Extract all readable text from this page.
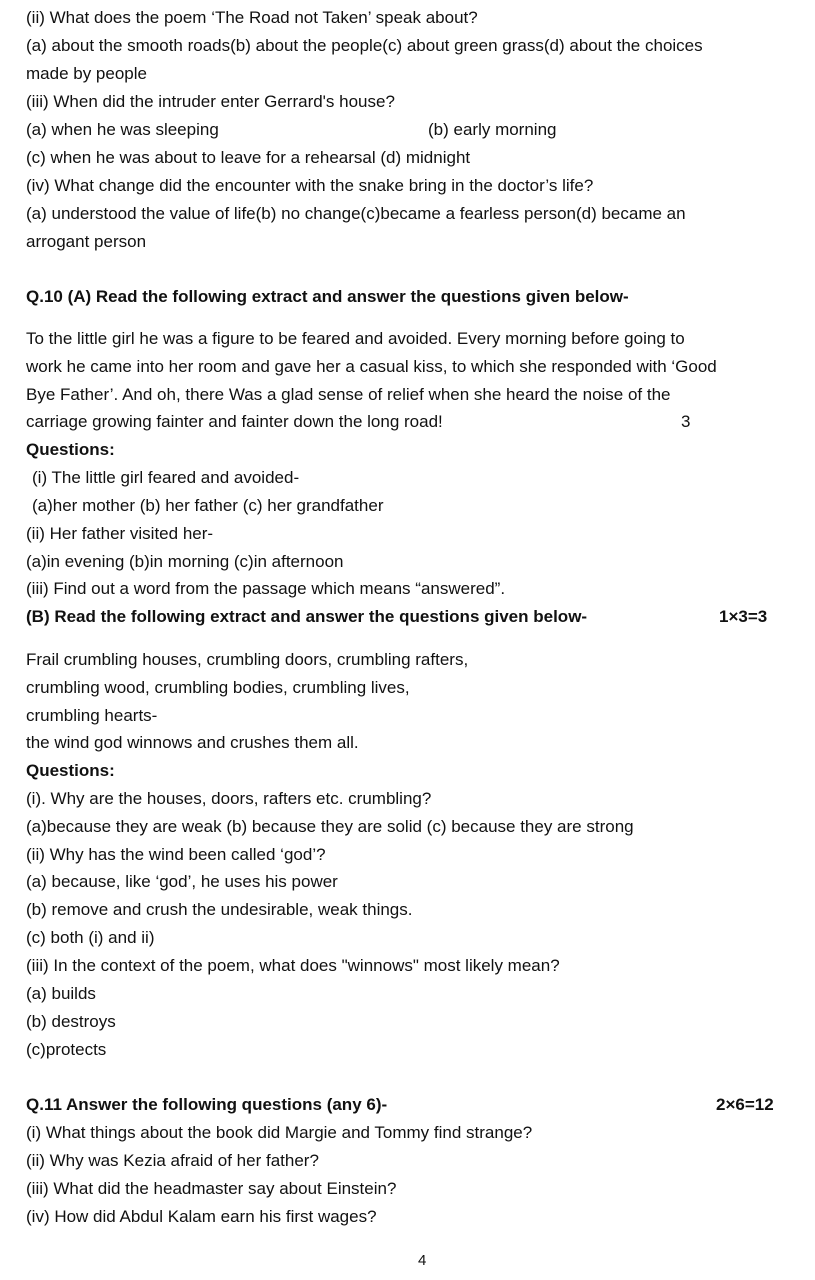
(ii) What does the poem ‘The Road not Taken’ speak about?
(a) about the smooth roads(b) about the people(c) about green grass(d) about the choices
made by people
(iii) When did the intruder enter Gerrard's house?
(a) when he was sleeping	(b) early morning
(c) when he was about to leave for a rehearsal (d) midnight
(iv) What change did the encounter with the snake bring in the doctor’s life?
(a) understood the value of life(b) no change(c)became a fearless person(d) became an
arrogant person
Q.10 (A) Read the following extract and answer the questions given below-
To the little girl he was a figure to be feared and avoided. Every morning before going to
work he came into her room and gave her a casual kiss, to which she responded with ‘Good
Bye Father’. And oh, there Was a glad sense of relief when she heard the noise of the
carriage growing fainter and fainter down the long road!	3
Questions:
(i) The little girl feared and avoided-
(a)her mother (b) her father (c) her grandfather
(ii) Her father visited her-
(a)in evening (b)in morning (c)in afternoon
(iii) Find out a word from the passage which means “answered”.
(B) Read the following extract and answer the questions given below-	1×3=3
Frail crumbling houses, crumbling doors, crumbling rafters,
crumbling wood, crumbling bodies, crumbling lives,
crumbling hearts-
the wind god winnows and crushes them all.
Questions:
(i). Why are the houses, doors, rafters etc. crumbling?
(a)because they are weak (b) because they are solid (c) because they are strong
(ii) Why has the wind been called ‘god’?
(a) because, like ‘god’, he uses his power
(b) remove and crush the undesirable, weak things.
(c) both (i) and ii)
(iii) In the context of the poem, what does "winnows" most likely mean?
(a) builds
(b) destroys
(c)protects
Q.11 Answer the following questions (any 6)-	2×6=12
(i) What things about the book did Margie and Tommy find strange?
(ii) Why was Kezia afraid of her father?
(iii) What did the headmaster say about Einstein?
(iv) How did Abdul Kalam earn his first wages?
4
